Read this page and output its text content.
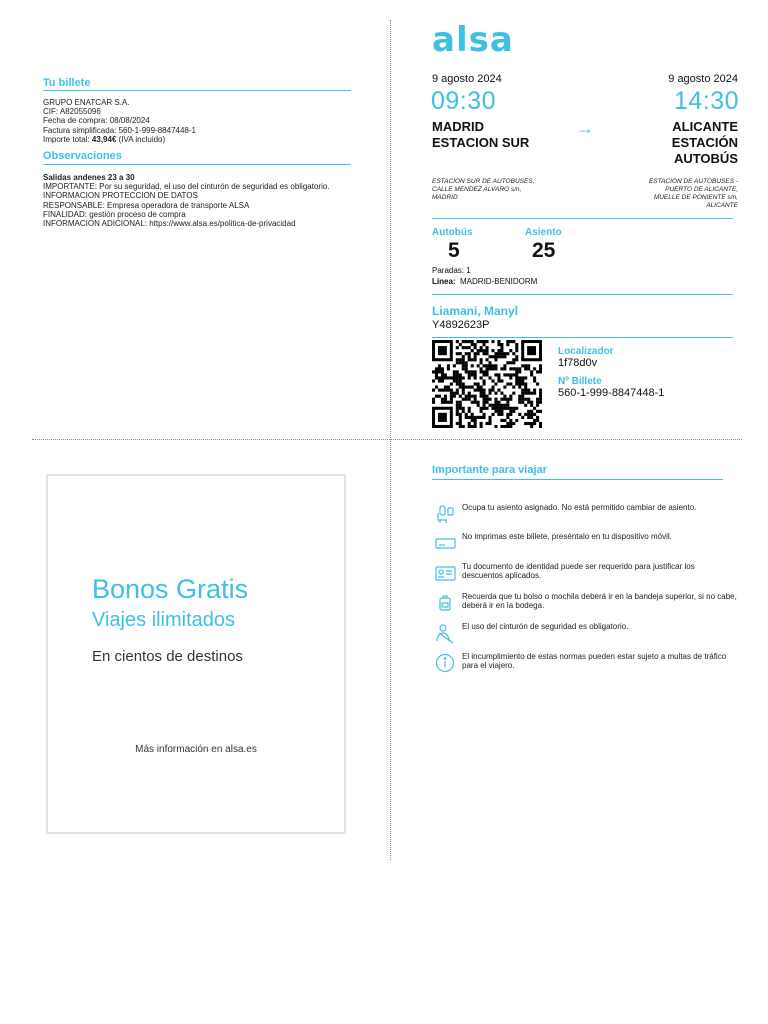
Tu billete
GRUPO ENATCAR S.A.
CIF: A82055096
Fecha de compra: 08/08/2024
Factura simplificada: 560-1-999-8847448-1
Importe total: 43,94€ (IVA incluido)
Observaciones
Salidas andenes 23 a 30
IMPORTANTE: Por su seguridad, el uso del cinturón de seguridad es obligatorio.
INFORMACION PROTECCION DE DATOS
RESPONSABLE: Empresa operadora de transporte ALSA
FINALIDAD: gestión proceso de compra
INFORMACION ADICIONAL: https://www.alsa.es/politica-de-privacidad
alsa
9 agosto 2024
09:30
MADRID
ESTACION SUR
→
9 agosto 2024
14:30
ALICANTE
ESTACIÓN
AUTOBÚS
ESTACION SUR DE AUTOBUSES,
CALLE MENDEZ ALVARO s/n,
MADRID
ESTACION DE AUTOBUSES -
PUERTO DE ALICANTE,
MUELLE DE PONIENTE s/n,
ALICANTE
Autobús
5
Asiento
25
Paradas: 1
Línea: MADRID-BENIDORM
Liamani, Manyl
Y4892623P
Localizador
1f78d0v
Nº Billete
560-1-999-8847448-1
Bonos Gratis
Viajes ilimitados
En cientos de destinos
Más información en alsa.es
Importante para viajar
Ocupa tu asiento asignado. No está permitido cambiar de asiento.
No imprimas este billete, preséntalo en tu dispositivo móvil.
Tu documento de identidad puede ser requerido para justificar los descuentos aplicados.
Recuerda que tu bolso o mochila deberá ir en la bandeja superior, si no cabe, deberá ir en la bodega.
El uso del cinturón de seguridad es obligatorio.
El incumplimiento de estas normas pueden estar sujeto a multas de tráfico para el viajero.
